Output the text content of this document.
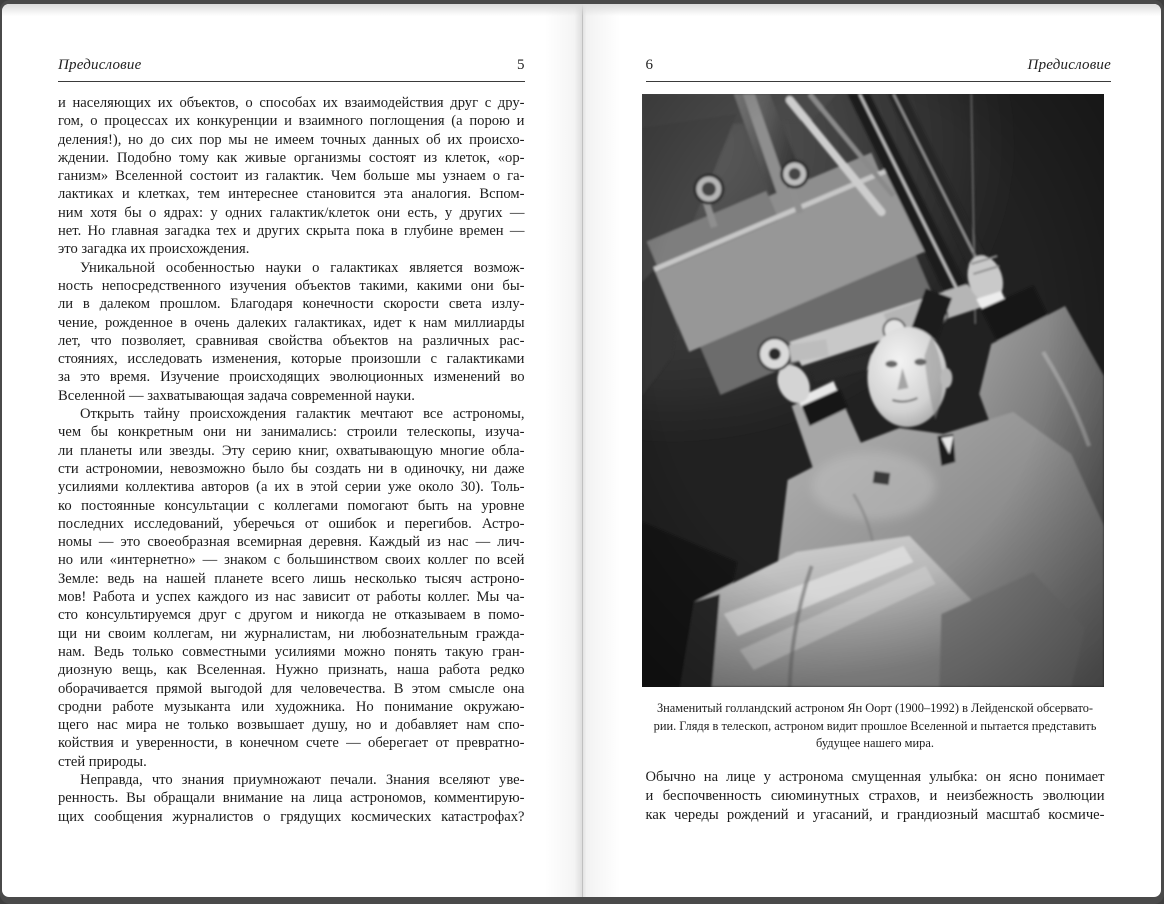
Предисловие	5
и населяющих их объектов, о способах их взаимодействия друг с дру-
гом, о процессах их конкуренции и взаимного поглощения (а порою и
деления!), но до сих пор мы не имеем точных данных об их происхо-
ждении. Подобно тому как живые организмы состоят из клеток, «ор-
ганизм» Вселенной состоит из галактик. Чем больше мы узнаем о га-
лактиках и клетках, тем интереснее становится эта аналогия. Вспом-
ним хотя бы о ядрах: у одних галактик/клеток они есть, у других —
нет. Но главная загадка тех и других скрыта пока в глубине времен —
это загадка их происхождения.
Уникальной особенностью науки о галактиках является возмож-
ность непосредственного изучения объектов такими, какими они бы-
ли в далеком прошлом. Благодаря конечности скорости света излу-
чение, рожденное в очень далеких галактиках, идет к нам миллиарды
лет, что позволяет, сравнивая свойства объектов на различных рас-
стояниях, исследовать изменения, которые произошли с галактиками
за это время. Изучение происходящих эволюционных изменений во
Вселенной — захватывающая задача современной науки.
Открыть тайну происхождения галактик мечтают все астрономы,
чем бы конкретным они ни занимались: строили телескопы, изуча-
ли планеты или звезды. Эту серию книг, охватывающую многие обла-
сти астрономии, невозможно было бы создать ни в одиночку, ни даже
усилиями коллектива авторов (а их в этой серии уже около 30). Толь-
ко постоянные консультации с коллегами помогают быть на уровне
последних исследований, уберечься от ошибок и перегибов. Астро-
номы — это своеобразная всемирная деревня. Каждый из нас — лич-
но или «интернетно» — знаком с большинством своих коллег по всей
Земле: ведь на нашей планете всего лишь несколько тысяч астроно-
мов! Работа и успех каждого из нас зависит от работы коллег. Мы ча-
сто консультируемся друг с другом и никогда не отказываем в помо-
щи ни своим коллегам, ни журналистам, ни любознательным гражда-
нам. Ведь только совместными усилиями можно понять такую гран-
диозную вещь, как Вселенная. Нужно признать, наша работа редко
оборачивается прямой выгодой для человечества. В этом смысле она
сродни работе музыканта или художника. Но понимание окружаю-
щего нас мира не только возвышает душу, но и добавляет нам спо-
койствия и уверенности, в конечном счете — оберегает от превратно-
стей природы.
Неправда, что знания приумножают печали. Знания вселяют уве-
ренность. Вы обращали внимание на лица астрономов, комментирую-
щих сообщения журналистов о грядущих космических катастрофах?
6	Предисловие
Знаменитый голландский астроном Ян Оорт (1900–1992) в Лейденской обсервато-
рии. Глядя в телескоп, астроном видит прошлое Вселенной и пытается представить
будущее нашего мира.
Обычно на лице у астронома смущенная улыбка: он ясно понимает
и беспочвенность сиюминутных страхов, и неизбежность эволюции
как череды рождений и угасаний, и грандиозный масштаб космиче-
